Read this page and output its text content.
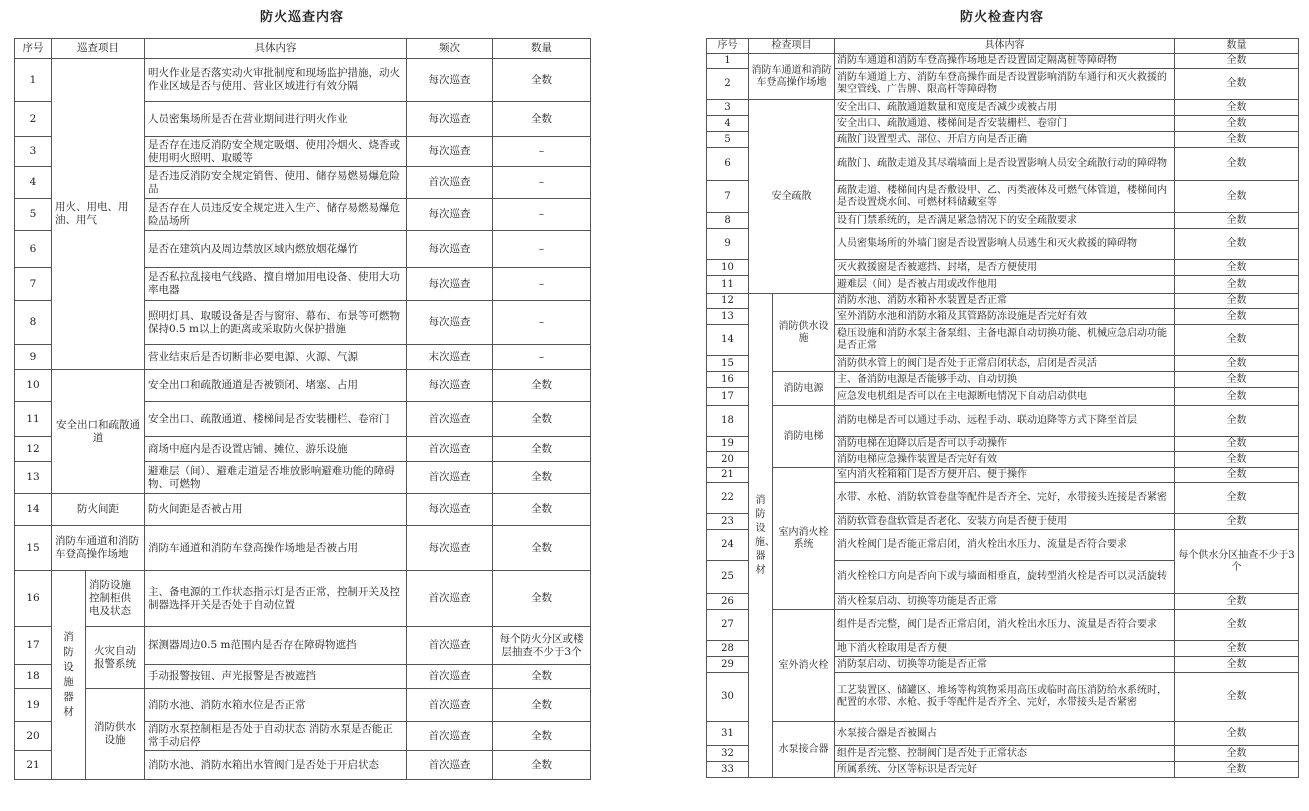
防火巡查内容
序号	巡查项目		具体内容	频次	数量
1	用火、用电、用油、用气		明火作业是否落实动火审批制度和现场监护措施，动火作业区域是否与使用、营业区域进行有效分隔	每次巡查	全数
2			人员密集场所是否在营业期间进行明火作业	每次巡查	全数
3			是否存在违反消防安全规定吸烟、使用冷烟火、烧香或使用明火照明、取暖等	每次巡查	–
4			是否违反消防安全规定销售、使用、储存易燃易爆危险品	首次巡查	–
5			是否存在人员违反安全规定进入生产、储存易燃易爆危险品场所	每次巡查	–
6			是否在建筑内及周边禁放区域内燃放烟花爆竹	每次巡查	–
7			是否私拉乱接电气线路、擅自增加用电设备、使用大功率电器	每次巡查	–
8			照明灯具、取暖设备是否与窗帘、幕布、布景等可燃物保持0.5 m以上的距离或采取防火保护措施	每次巡查	–
9			营业结束后是否切断非必要电源、火源、气源	末次巡查	–
10	安全出口和疏散通道		安全出口和疏散通道是否被锁闭、堵塞、占用	每次巡查	全数
11			安全出口、疏散通道、楼梯间是否安装栅栏、卷帘门	首次巡查	全数
12			商场中庭内是否设置店铺、摊位、游乐设施	首次巡查	全数
13			避难层（间）、避难走道是否堆放影响避难功能的障碍物、可燃物	首次巡查	全数
14	防火间距		防火间距是否被占用	每次巡查	全数
15	消防车通道和消防车登高操作场地		消防车通道和消防车登高操作场地是否被占用	每次巡查	全数
16	消防设施器材	消防设施控制柜供电及状态	主、备电源的工作状态指示灯是否正常，控制开关及控制器选择开关是否处于自动位置	首次巡查	全数
17		火灾自动报警系统	探测器周边0.5 m范围内是否存在障碍物遮挡	首次巡查	每个防火分区或楼层抽查不少于3个
18			手动报警按钮、声光报警是否被遮挡	首次巡查	全数
19		消防供水设施	消防水池、消防水箱水位是否正常	首次巡查	全数
20			消防水泵控制柜是否处于自动状态 消防水泵是否能正常手动启停	首次巡查	全数
21			消防水池、消防水箱出水管阀门是否处于开启状态	首次巡查	全数
防火检查内容
序号	检查项目		具体内容	数量
1	消防车通道和消防车登高操作场地		消防车通道和消防车登高操作场地是否设置固定隔离桩等障碍物	全数
2			消防车通道上方、消防车登高操作面是否设置影响消防车通行和灭火救援的架空管线、广告牌、限高杆等障碍物	全数
3	安全疏散		安全出口、疏散通道数量和宽度是否减少或被占用	全数
4			安全出口、疏散通道、楼梯间是否安装栅栏、卷帘门	全数
5			疏散门设置型式、部位、开启方向是否正确	全数
6			疏散门、疏散走道及其尽端墙面上是否设置影响人员安全疏散行动的障碍物	全数
7			疏散走道、楼梯间内是否敷设甲、乙、丙类液体及可燃气体管道，楼梯间内是否设置烧水间、可燃材料储藏室等	全数
8			设有门禁系统的，是否满足紧急情况下的安全疏散要求	全数
9			人员密集场所的外墙门窗是否设置影响人员逃生和灭火救援的障碍物	全数
10			灭火救援窗是否被遮挡、封堵，是否方便使用	全数
11			避难层（间）是否被占用或改作他用	全数
12	消防设施、器材	消防供水设施	消防水池、消防水箱补水装置是否正常	全数
13			室外消防水池和消防水箱及其管路防冻设施是否完好有效	全数
14			稳压设施和消防水泵主备泵组、主备电源自动切换功能、机械应急启动功能是否正常	全数
15			消防供水管上的阀门是否处于正常启闭状态，启闭是否灵活	全数
16		消防电源	主、备消防电源是否能够手动、自动切换	全数
17			应急发电机组是否可以在主电源断电情况下自动启动供电	全数
18		消防电梯	消防电梯是否可以通过手动、远程手动、联动迫降等方式下降至首层	全数
19			消防电梯在迫降以后是否可以手动操作	全数
20			消防电梯应急操作装置是否完好有效	全数
21		室内消火栓系统	室内消火栓箱箱门是否方便开启、便于操作	全数
22			水带、水枪、消防软管卷盘等配件是否齐全、完好，水带接头连接是否紧密	全数
23			消防软管卷盘软管是否老化、安装方向是否便于使用	全数
24			消火栓阀门是否能正常启闭，消火栓出水压力、流量是否符合要求	每个供水分区抽查不少于3个
25			消火栓栓口方向是否向下或与墙面相垂直，旋转型消火栓是否可以灵活旋转	
26			消火栓泵启动、切换等功能是否正常	全数
27		室外消火栓	组件是否完整，阀门是否正常启闭，消火栓出水压力、流量是否符合要求	全数
28			地下消火栓取用是否方便	全数
29			消防泵启动、切换等功能是否正常	全数
30			工艺装置区、储罐区、堆场等构筑物采用高压或临时高压消防给水系统时，配置的水带、水枪、扳手等配件是否齐全、完好，水带接头是否紧密	全数
31		水泵接合器	水泵接合器是否被圈占	全数
32			组件是否完整、控制阀门是否处于正常状态	全数
33			所属系统、分区等标识是否完好	全数
